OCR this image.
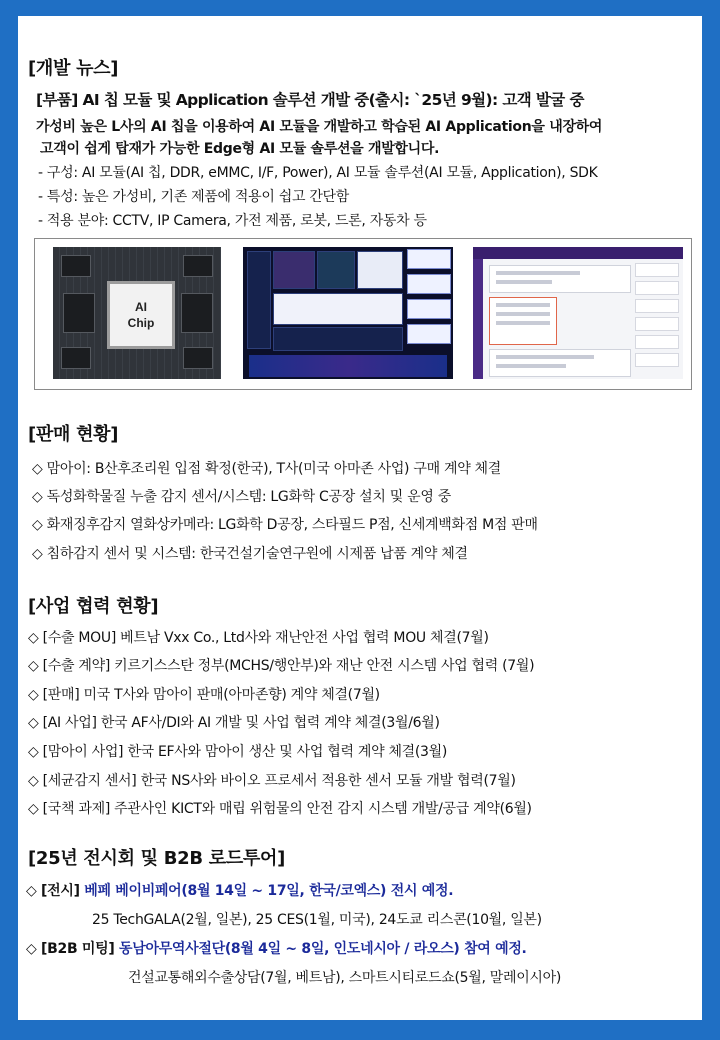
[개발 뉴스]
[부품] AI 칩 모듈 및 Application 솔루션 개발 중(출시: `25년 9월): 고객 발굴 중
가성비 높은 L사의 AI 칩을 이용하여 AI 모듈을 개발하고 학습된 AI Application을 내장하여
고객이 쉽게 탑재가 가능한 Edge형 AI 모듈 솔루션을 개발합니다.
- 구성: AI 모듈(AI 칩, DDR, eMMC, I/F, Power), AI 모듈 솔루션(AI 모듈, Application), SDK
- 특성: 높은 가성비, 기존 제품에 적용이 쉽고 간단함
- 적용 분야: CCTV, IP Camera, 가전 제품, 로봇, 드론, 자동차 등
AI
Chip
[판매 현황]
◇ 맘아이: B산후조리원 입점 확정(한국), T사(미국 아마존 사업) 구매 계약 체결
◇ 독성화학물질 누출 감지 센서/시스템: LG화학 C공장 설치 및 운영 중
◇ 화재징후감지 열화상카메라: LG화학 D공장, 스타필드 P점, 신세계백화점 M점 판매
◇ 침하감지 센서 및 시스템: 한국건설기술연구원에 시제품 납품 계약 체결
[사업 협력 현황]
◇ [수출 MOU] 베트남 Vxx Co., Ltd사와 재난안전 사업 협력 MOU 체결(7월)
◇ [수출 계약] 키르기스스탄 정부(MCHS/행안부)와 재난 안전 시스템 사업 협력 (7월)
◇ [판매] 미국 T사와 맘아이 판매(아마존향) 계약 체결(7월)
◇ [AI 사업] 한국 AF사/DI와 AI 개발 및 사업 협력 계약 체결(3월/6월)
◇ [맘아이 사업] 한국 EF사와 맘아이 생산 및 사업 협력 계약 체결(3월)
◇ [세균감지 센서] 한국 NS사와 바이오 프로세서 적용한 센서 모듈 개발 협력(7월)
◇ [국책 과제] 주관사인 KICT와 매립 위험물의 안전 감지 시스템 개발/공급 계약(6월)
[25년 전시회 및 B2B 로드투어]
◇ [전시] 베페 베이비페어(8월 14일 ~ 17일, 한국/코엑스) 전시 예정.
25 TechGALA(2월, 일본), 25 CES(1월, 미국), 24도쿄 리스콘(10월, 일본)
◇ [B2B 미팅] 동남아무역사절단(8월 4일 ~ 8일, 인도네시아 / 라오스) 참여 예정.
건설교통해외수출상담(7월, 베트남), 스마트시티로드쇼(5월, 말레이시아)
